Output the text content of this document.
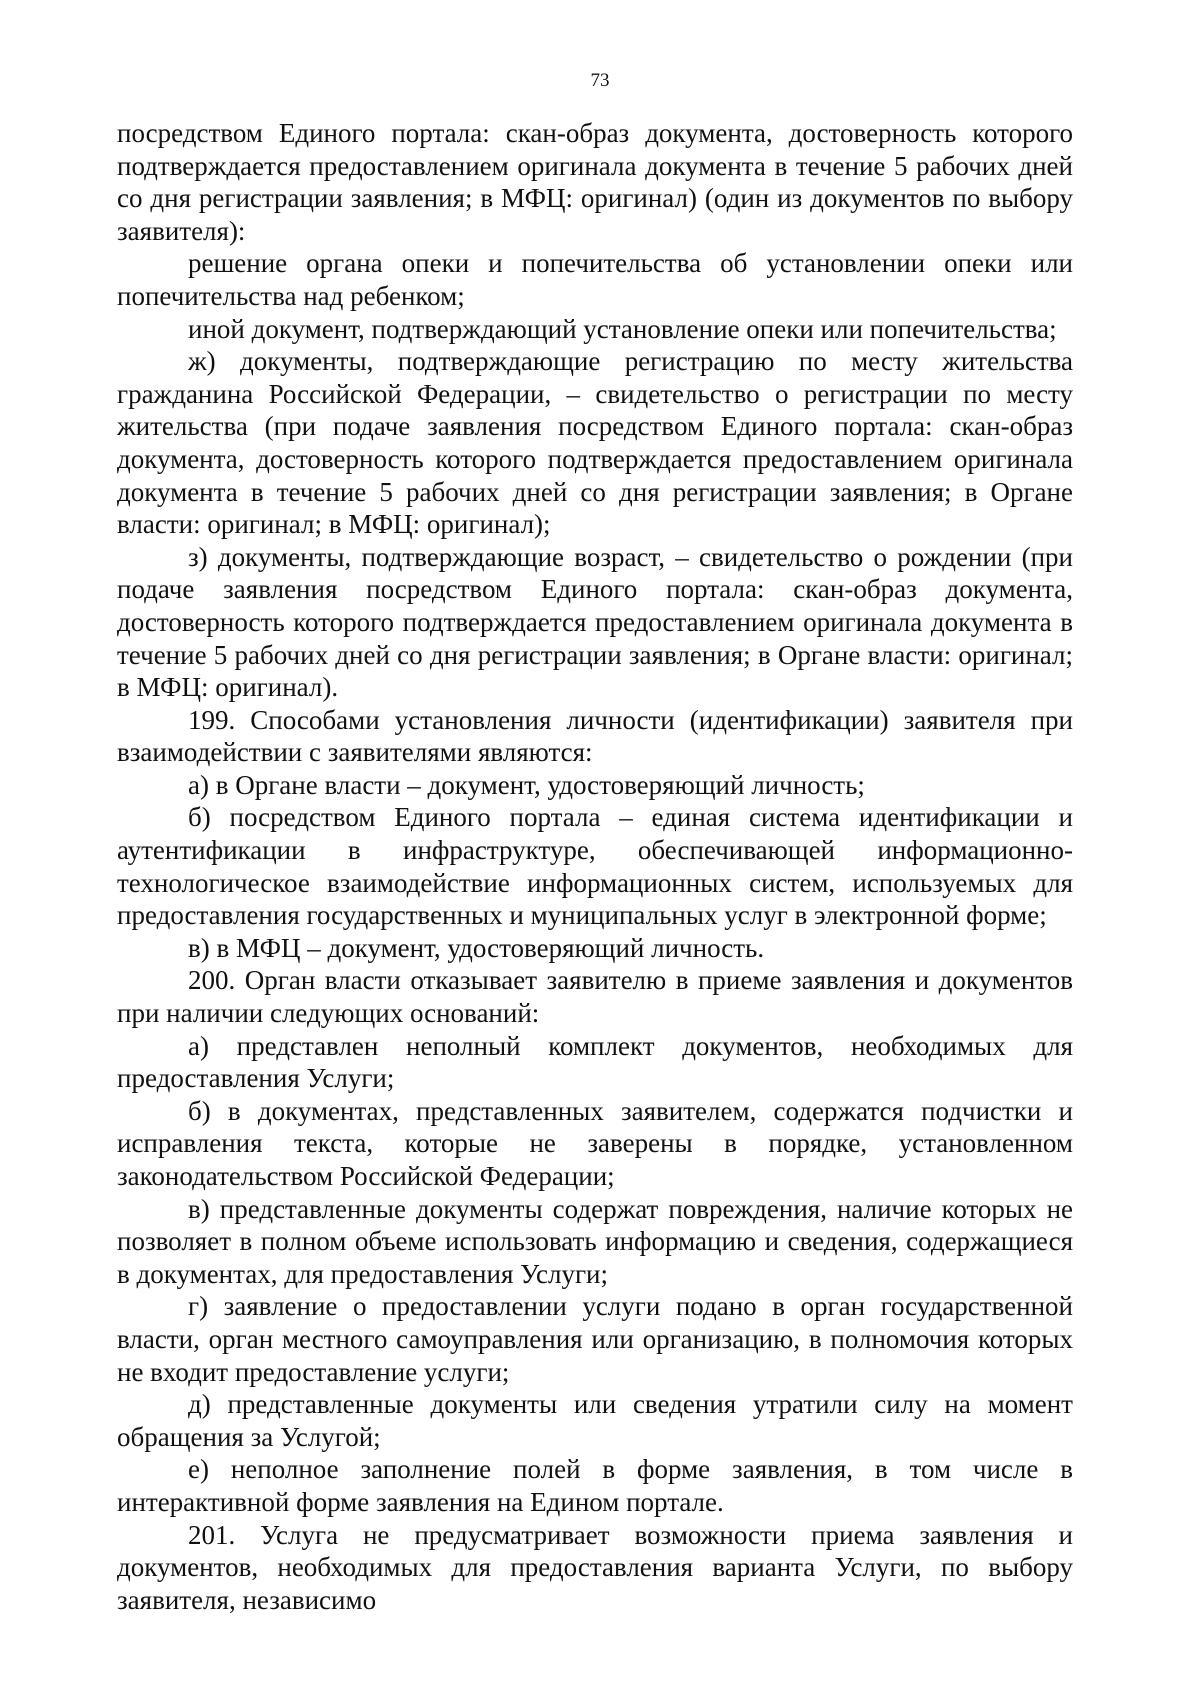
73

посредством Единого портала: скан-образ документа, достоверность которого подтверждается предоставлением оригинала документа в течение 5 рабочих дней со дня регистрации заявления; в МФЦ: оригинал) (один из документов по выбору заявителя):

решение органа опеки и попечительства об установлении опеки или попечительства над ребенком;

иной документ, подтверждающий установление опеки или попечительства;

ж) документы, подтверждающие регистрацию по месту жительства гражданина Российской Федерации, – свидетельство о регистрации по месту жительства (при подаче заявления посредством Единого портала: скан-образ документа, достоверность которого подтверждается предоставлением оригинала документа в течение 5 рабочих дней со дня регистрации заявления; в Органе власти: оригинал; в МФЦ: оригинал);

з) документы, подтверждающие возраст, – свидетельство о рождении (при подаче заявления посредством Единого портала: скан-образ документа, достоверность которого подтверждается предоставлением оригинала документа в течение 5 рабочих дней со дня регистрации заявления; в Органе власти: оригинал; в МФЦ: оригинал).

199. Способами установления личности (идентификации) заявителя при взаимодействии с заявителями являются:

а) в Органе власти – документ, удостоверяющий личность;

б) посредством Единого портала – единая система идентификации и аутентификации в инфраструктуре, обеспечивающей информационно-технологическое взаимодействие информационных систем, используемых для предоставления государственных и муниципальных услуг в электронной форме;

в) в МФЦ – документ, удостоверяющий личность.

200. Орган власти отказывает заявителю в приеме заявления и документов при наличии следующих оснований:

а) представлен неполный комплект документов, необходимых для предоставления Услуги;

б) в документах, представленных заявителем, содержатся подчистки и исправления текста, которые не заверены в порядке, установленном законодательством Российской Федерации;

в) представленные документы содержат повреждения, наличие которых не позволяет в полном объеме использовать информацию и сведения, содержащиеся в документах, для предоставления Услуги;

г) заявление о предоставлении услуги подано в орган государственной власти, орган местного самоуправления или организацию, в полномочия которых не входит предоставление услуги;

д) представленные документы или сведения утратили силу на момент обращения за Услугой;

е) неполное заполнение полей в форме заявления, в том числе в интерактивной форме заявления на Едином портале.

201. Услуга не предусматривает возможности приема заявления и документов, необходимых для предоставления варианта Услуги, по выбору заявителя, независимо
